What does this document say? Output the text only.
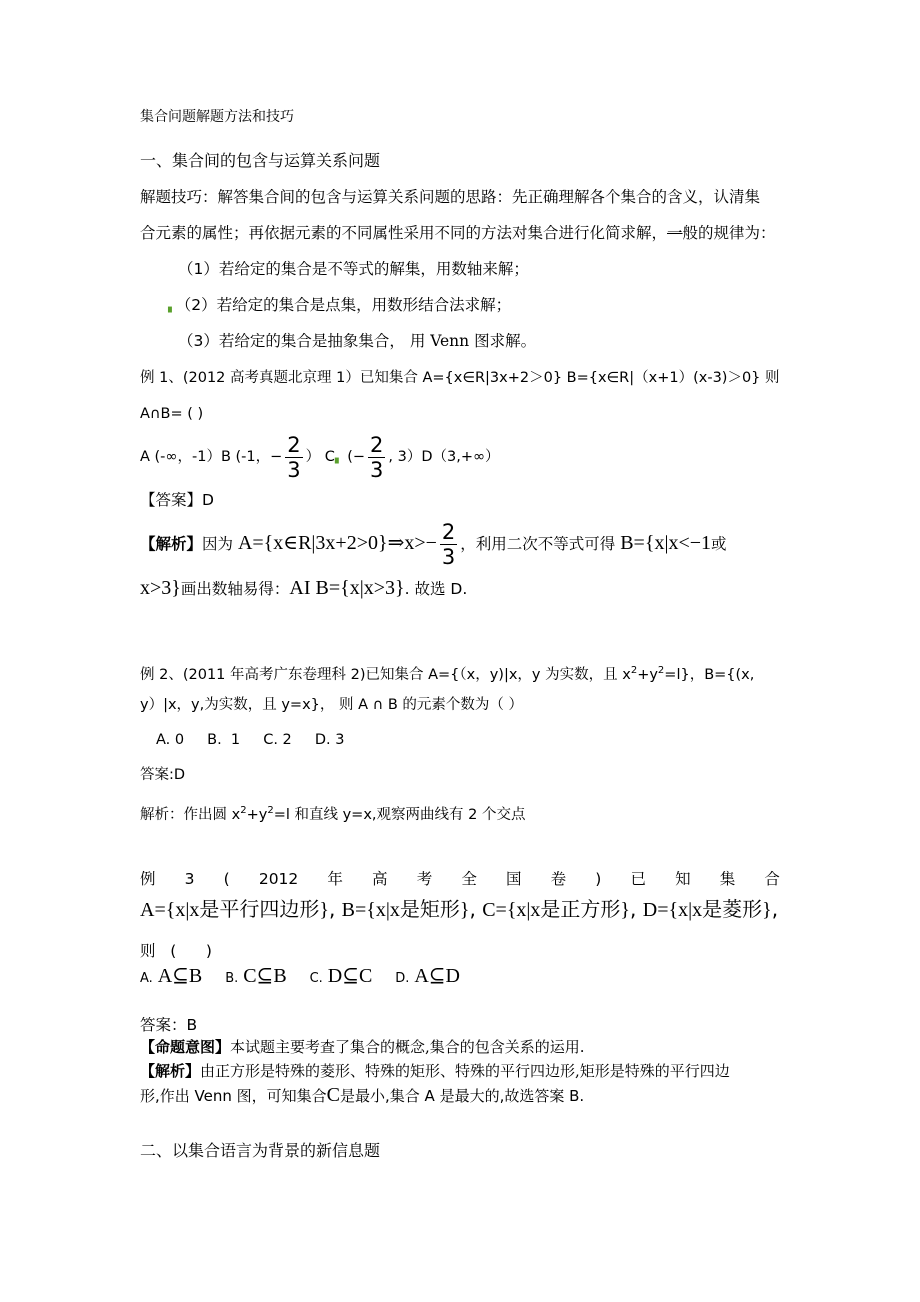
集合问题解题方法和技巧
一、集合间的包含与运算关系问题
解题技巧：解答集合间的包含与运算关系问题的思路：先正确理解各个集合的含义，认清集
合元素的属性；再依据元素的不同属性采用不同的方法对集合进行化简求解，一般的规律为：
（1）若给定的集合是不等式的解集，用数轴来解；
▖（2）若给定的集合是点集，用数形结合法求解；
（3）若给定的集合是抽象集合， 用 Venn 图求解。
例 1、(2012 高考真题北京理 1）已知集合 A={x∈R|3x+2＞0} B={x∈R|（x+1）(x-3)＞0} 则
A∩B= ( )
A (-∞，-1）B (-1，− $\frac{2}{3}$ ） C▖ (− $\frac{2}{3}$ , 3）D（3,+∞）
【答案】D
【解析】因为 A={x∈R|3x+2>0}⇒x>− $\frac{2}{3}$ ，利用二次不等式可得 B={x|x<−1或
x>3}画出数轴易得：AI B={x|x>3}. 故选 D.
例 2、(2011 年高考广东卷理科 2)已知集合 A={（x，y)|x，y 为实数，且 $x^2+y^2=l$}，B={(x,
y）|x，y,为实数，且 y=x}， 则 A ∩ B 的元素个数为（ ）
A. 0     B.  1     C. 2     D. 3
答案:D
解析：作出圆 $x^2+y^2=l$ 和直线 y=x,观察两曲线有 2 个交点
例 3 ( 2012 年 高 考 全 国 卷 ) 已 知 集 合
A={x|x是平行四边形}, B={x|x是矩形}, C={x|x是正方形}, D={x|x是菱形},
则   (      )
A. A⊆B B. C⊆B C. D⊆C D. A⊆D
答案：B
【命题意图】本试题主要考查了集合的概念,集合的包含关系的运用.
【解析】由正方形是特殊的菱形、特殊的矩形、特殊的平行四边形,矩形是特殊的平行四边
形,作出 Venn 图，可知集合C是最小,集合 A 是最大的,故选答案 B.
二、以集合语言为背景的新信息题
